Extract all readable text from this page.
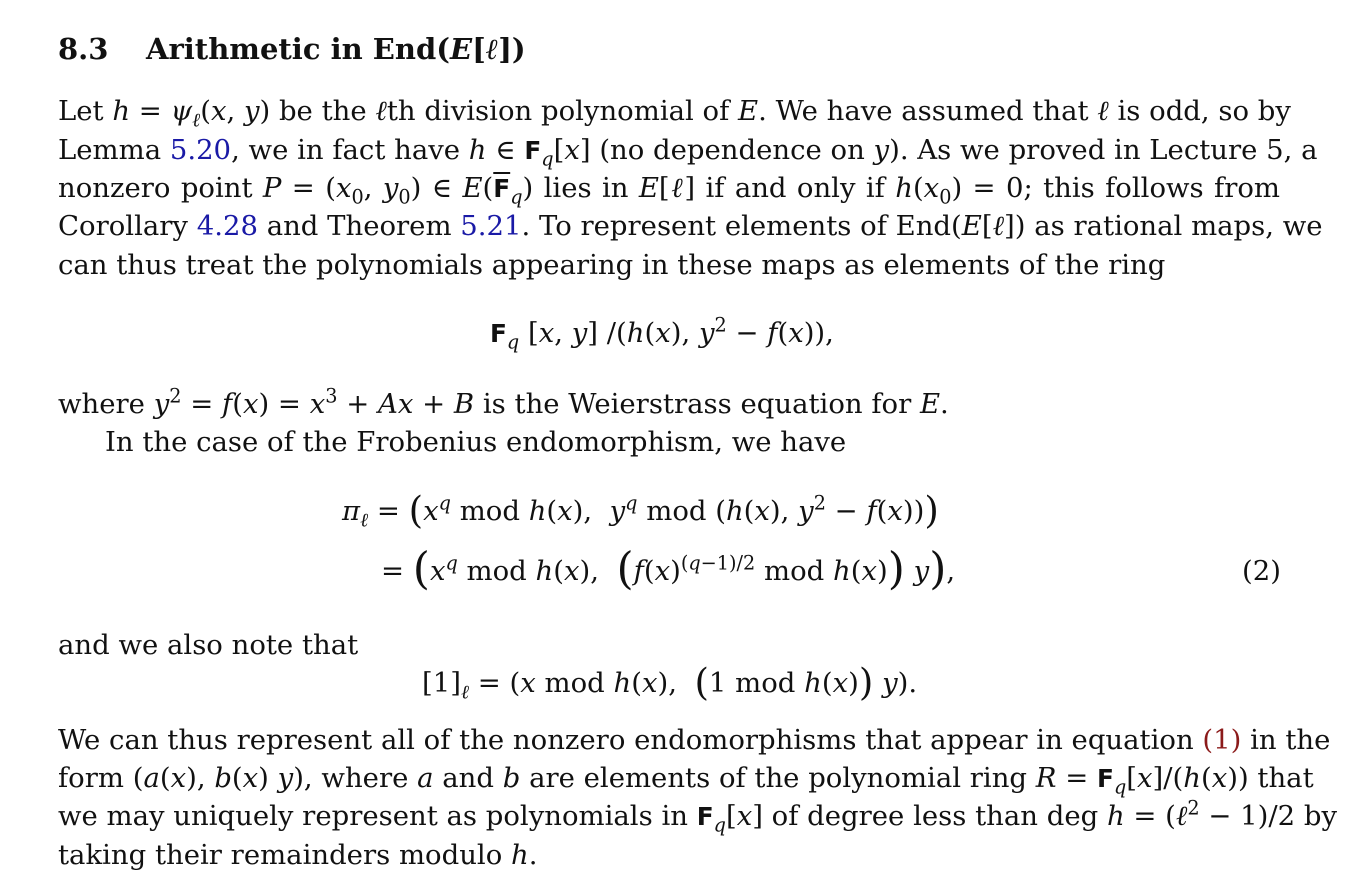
8.3 Arithmetic in End(E[ℓ])
Let $h = \psi_\ell(x$, y) be the ℓth division polynomial of E. We have assumed that ℓ is odd, so by
Lemma 5.20, we in fact have h ∈ $F_q[x]$ (no dependence on y). As we proved in Lecture 5, a
nonzero point $P = (x_0$, $y_0$) ∈ $E(\overline{F}_q)$ lies in E[ℓ] if and only if $h(x_0) = 0$; this follows from
Corollary 4.28 and Theorem 5.21. To represent elements of End(E[ℓ]) as rational maps, we
can thus treat the polynomials appearing in these maps as elements of the ring
$F_q$ [x, y] /(h(x), $y^2 - f(x)$),
where $y^2 = f(x) = x^3 + Ax + B$ is the Weierstrass equation for E.
In the case of the Frobenius endomorphism, we have
$\pi_\ell = (x^q$ mod h(x),  $y^q$ mod (h(x), $y^2 - f(x)$))
= ($x^q$ mod h(x),  ($f(x)^{(q-1)/2}$ mod h(x)) y),	(2)
and we also note that
$[1]_\ell = (x$ mod h(x),  (1 mod h(x)) y).
We can thus represent all of the nonzero endomorphisms that appear in equation (1) in the
form (a(x), b(x) y), where a and b are elements of the polynomial ring $R = F_q[x]/(h(x))$ that
we may uniquely represent as polynomials in $F_q[x]$ of degree less than deg h = (ℓ$^2$ − 1)/2 by
taking their remainders modulo h.
